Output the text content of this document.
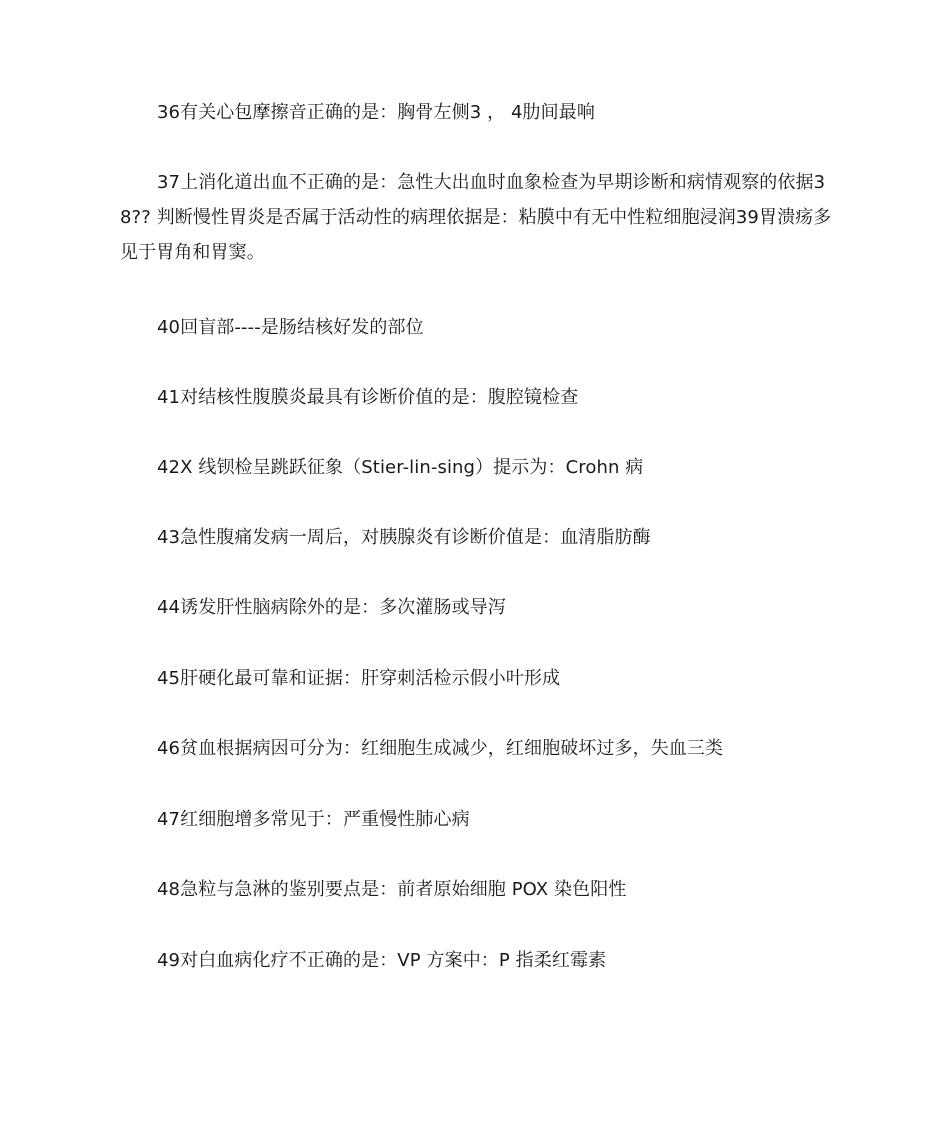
36有关心包摩擦音正确的是：胸骨左侧3 ， 4肋间最响

37上消化道出血不正确的是：急性大出血时血象检查为早期诊断和病情观察的依据38?? 判断慢性胃炎是否属于活动性的病理依据是：粘膜中有无中性粒细胞浸润39胃溃疡多见于胃角和胃窦。

40回盲部----是肠结核好发的部位

41对结核性腹膜炎最具有诊断价值的是：腹腔镜检查

42X 线钡检呈跳跃征象（Stier-lin-sing）提示为：Crohn 病

43急性腹痛发病一周后，对胰腺炎有诊断价值是：血清脂肪酶

44诱发肝性脑病除外的是：多次灌肠或导泻

45肝硬化最可靠和证据：肝穿刺活检示假小叶形成

46贫血根据病因可分为：红细胞生成减少，红细胞破坏过多，失血三类

47红细胞增多常见于：严重慢性肺心病

48急粒与急淋的鉴别要点是：前者原始细胞 POX 染色阳性

49对白血病化疗不正确的是：VP 方案中：P 指柔红霉素
